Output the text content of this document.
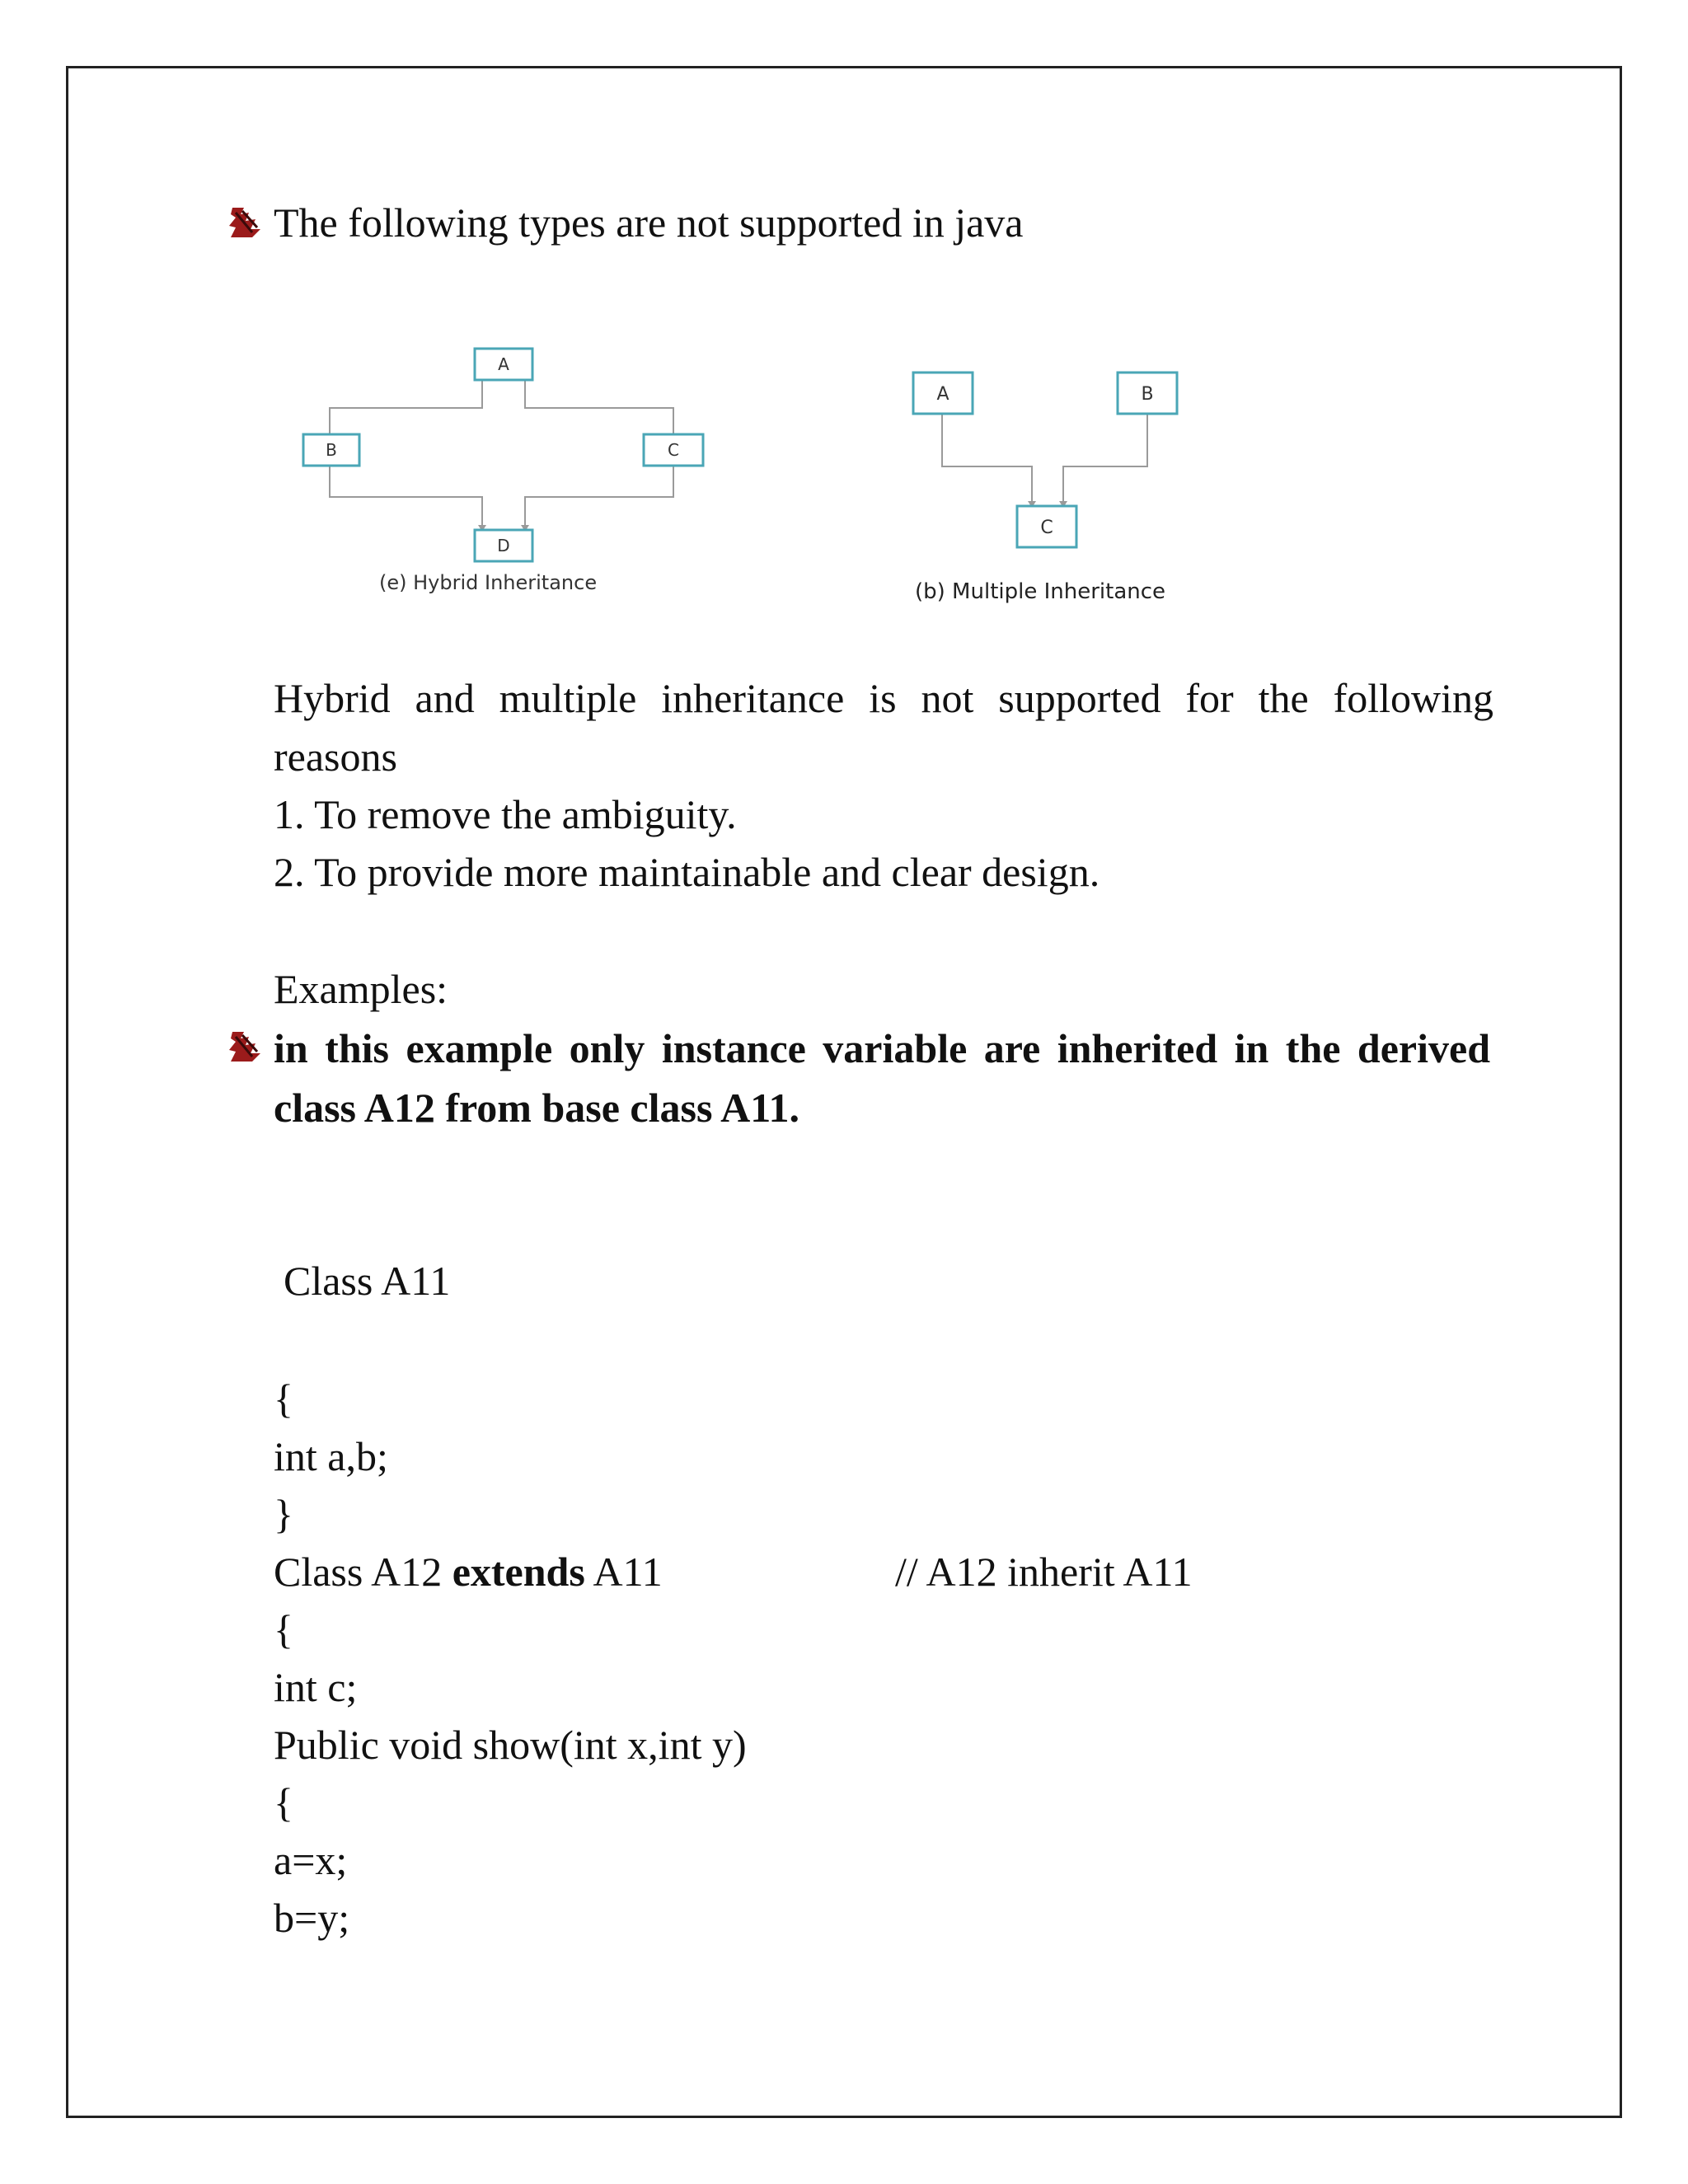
The following types are not supported in java
A
B	C
D
(e) Hybrid Inheritance
A	B
C
(b) Multiple Inheritance
Hybrid and multiple inheritance is not supported for the following reasons
1. To remove the ambiguity.
2. To provide more maintainable and clear design.
Examples:
in this example only instance variable are inherited in the derived class A12 from base class A11.
Class A11
{
int a,b;
}
Class A12 extends A11	// A12 inherit A11
{
int c;
Public void show(int x,int y)
{
a=x;
b=y;
